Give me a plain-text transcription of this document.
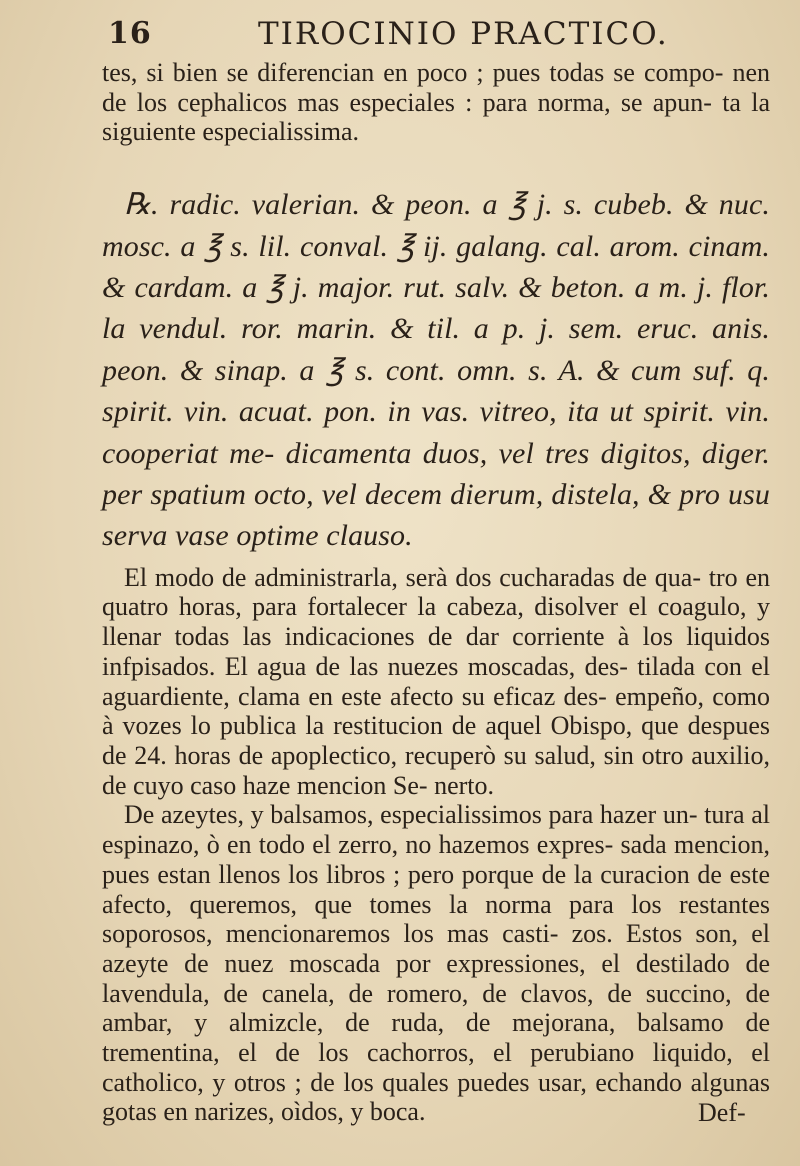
16	TIROCINIO PRACTICO.

tes, si bien se diferencian en poco ; pues todas se compo- nen de los cephalicos mas especiales : para norma, se apun- ta la siguiente especialissima.

℞. radic. valerian. & peon. a ℥ j. s. cubeb. & nuc. mosc. a ℥ s. lil. conval. ℥ ij. galang. cal. arom. cinam. & cardam. a ℥ j. major. rut. salv. & beton. a m. j. flor. la vendul. ror. marin. & til. a p. j. sem. eruc. anis. peon. & sinap. a ℥ s. cont. omn. s. A. & cum suf. q. spirit. vin. acuat. pon. in vas. vitreo, ita ut spirit. vin. cooperiat me- dicamenta duos, vel tres digitos, diger. per spatium octo, vel decem dierum, distela, & pro usu serva vase optime clauso.

El modo de administrarla, serà dos cucharadas de qua- tro en quatro horas, para fortalecer la cabeza, disolver el coagulo, y llenar todas las indicaciones de dar corriente à los liquidos infpisados. El agua de las nuezes moscadas, des- tilada con el aguardiente, clama en este afecto su eficaz des- empeño, como à vozes lo publica la restitucion de aquel Obispo, que despues de 24. horas de apoplectico, recuperò su salud, sin otro auxilio, de cuyo caso haze mencion Se- nerto.

De azeytes, y balsamos, especialissimos para hazer un- tura al espinazo, ò en todo el zerro, no hazemos expres- sada mencion, pues estan llenos los libros ; pero porque de la curacion de este afecto, queremos, que tomes la norma para los restantes soporosos, mencionaremos los mas casti- zos. Estos son, el azeyte de nuez moscada por expressiones, el destilado de lavendula, de canela, de romero, de clavos, de succino, de ambar, y almizcle, de ruda, de mejorana, balsamo de trementina, el de los cachorros, el perubiano liquido, el catholico, y otros ; de los quales puedes usar, echando algunas gotas en narizes, oìdos, y boca.	Def-
